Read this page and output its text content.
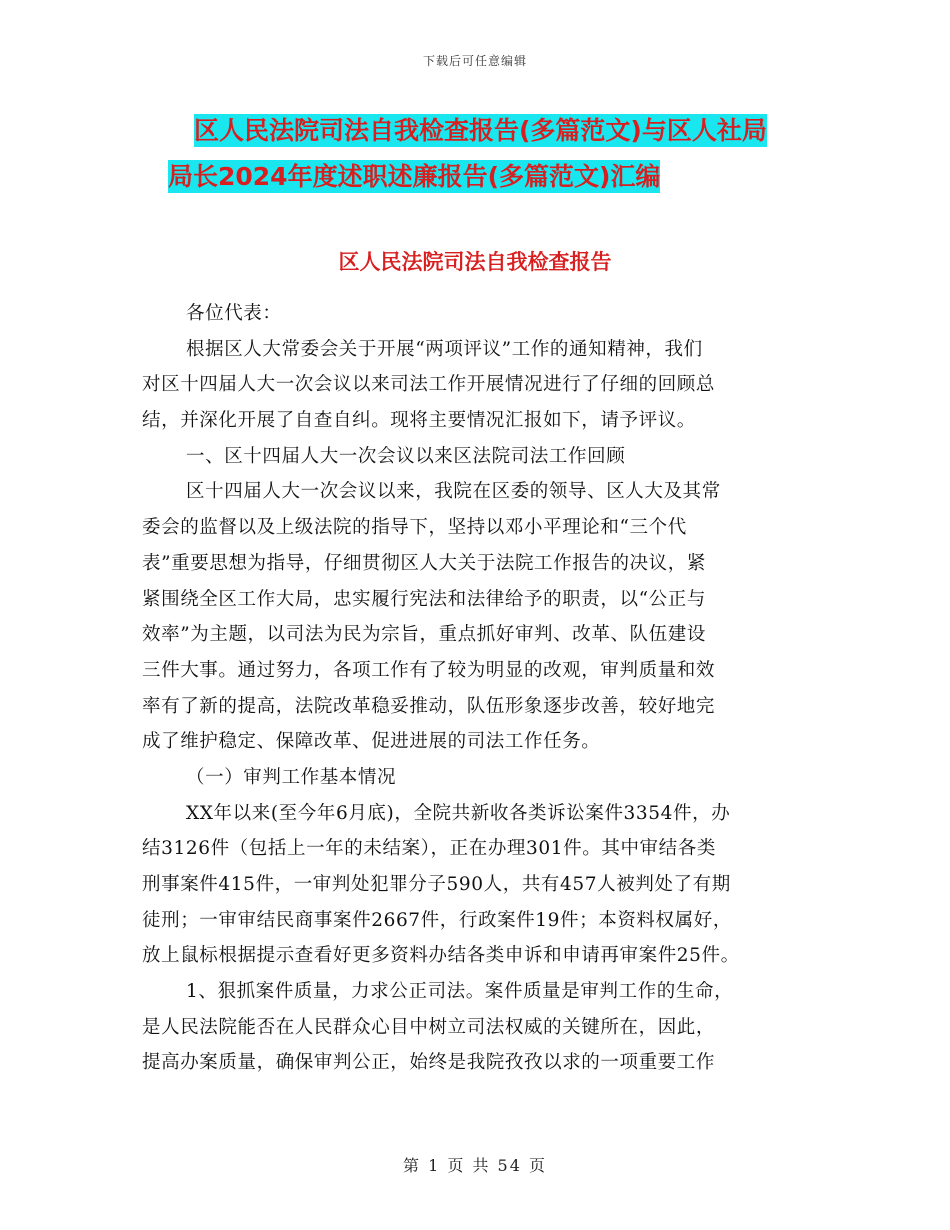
下载后可任意编辑
区人民法院司法自我检查报告(多篇范文)与区人社局
局长2024年度述职述廉报告(多篇范文)汇编
区人民法院司法自我检查报告
各位代表：
根据区人大常委会关于开展“两项评议”工作的通知精神，我们
对区十四届人大一次会议以来司法工作开展情况进行了仔细的回顾总
结，并深化开展了自查自纠。现将主要情况汇报如下，请予评议。
一、区十四届人大一次会议以来区法院司法工作回顾
区十四届人大一次会议以来，我院在区委的领导、区人大及其常
委会的监督以及上级法院的指导下，坚持以邓小平理论和“三个代
表”重要思想为指导，仔细贯彻区人大关于法院工作报告的决议，紧
紧围绕全区工作大局，忠实履行宪法和法律给予的职责，以“公正与
效率”为主题，以司法为民为宗旨，重点抓好审判、改革、队伍建设
三件大事。通过努力，各项工作有了较为明显的改观，审判质量和效
率有了新的提高，法院改革稳妥推动，队伍形象逐步改善，较好地完
成了维护稳定、保障改革、促进进展的司法工作任务。
（一）审判工作基本情况
XX年以来(至今年6月底)，全院共新收各类诉讼案件3354件，办
结3126件（包括上一年的未结案），正在办理301件。其中审结各类
刑事案件415件，一审判处犯罪分子590人，共有457人被判处了有期
徒刑；一审审结民商事案件2667件，行政案件19件；本资料权属好，
放上鼠标根据提示查看好更多资料办结各类申诉和申请再审案件25件。
1、狠抓案件质量，力求公正司法。案件质量是审判工作的生命，
是人民法院能否在人民群众心目中树立司法权威的关键所在，因此，
提高办案质量，确保审判公正，始终是我院孜孜以求的一项重要工作
第 1 页 共 54 页
